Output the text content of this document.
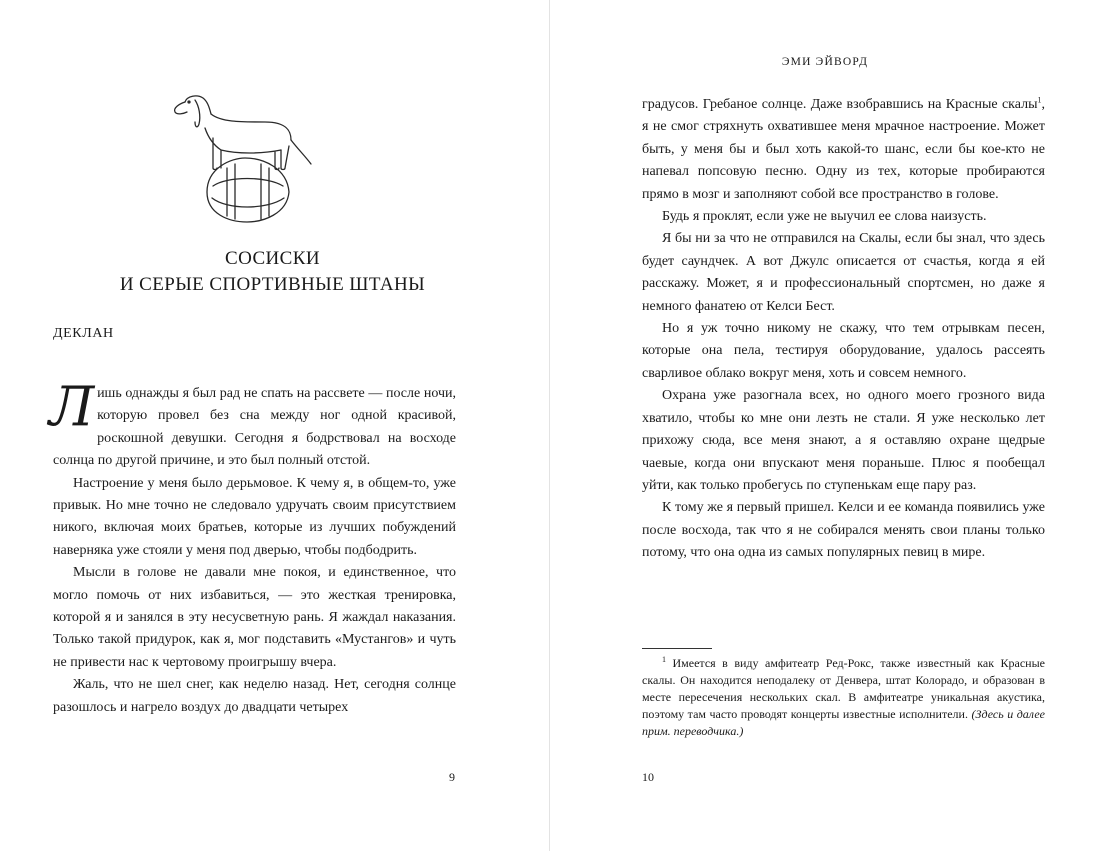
СОСИСКИ
И СЕРЫЕ СПОРТИВНЫЕ ШТАНЫ
ДЕКЛАН

Лишь однажды я был рад не спать на рассвете — после ночи, которую провел без сна между ног одной красивой, роскошной девушки. Сегодня я бодрствовал на восходе солнца по другой причине, и это был полный отстой.

Настроение у меня было дерьмовое. К чему я, в общем-то, уже привык. Но мне точно не следовало удручать своим присутствием никого, включая моих братьев, которые из лучших побуждений наверняка уже стояли у меня под дверью, чтобы подбодрить.

Мысли в голове не давали мне покоя, и единственное, что могло помочь от них избавиться, — это жесткая тренировка, которой я и занялся в эту несусветную рань. Я жаждал наказания. Только такой придурок, как я, мог подставить «Мустангов» и чуть не привести нас к чертовому проигрышу вчера.

Жаль, что не шел снег, как неделю назад. Нет, сегодня солнце разошлось и нагрело воздух до двадцати четырех

9
ЭМИ ЭЙВОРД

градусов. Гребаное солнце. Даже взобравшись на Красные скалы$^1$, я не смог стряхнуть охватившее меня мрачное настроение. Может быть, у меня бы и был хоть какой-то шанс, если бы кое-кто не напевал попсовую песню. Одну из тех, которые пробираются прямо в мозг и заполняют собой все пространство в голове.

Будь я проклят, если уже не выучил ее слова наизусть.

Я бы ни за что не отправился на Скалы, если бы знал, что здесь будет саундчек. А вот Джулс описается от счастья, когда я ей расскажу. Может, я и профессиональный спортсмен, но даже я немного фанатею от Келси Бест.

Но я уж точно никому не скажу, что тем отрывкам песен, которые она пела, тестируя оборудование, удалось рассеять сварливое облако вокруг меня, хоть и совсем немного.

Охрана уже разогнала всех, но одного моего грозного вида хватило, чтобы ко мне они лезть не стали. Я уже несколько лет прихожу сюда, все меня знают, а я оставляю охране щедрые чаевые, когда они впускают меня пораньше. Плюс я пообещал уйти, как только пробегусь по ступенькам еще пару раз.

К тому же я первый пришел. Келси и ее команда появились уже после восхода, так что я не собирался менять свои планы только потому, что она одна из самых популярных певиц в мире.

$^1$ Имеется в виду амфитеатр Ред-Рокс, также известный как Красные скалы. Он находится неподалеку от Денвера, штат Колорадо, и образован в месте пересечения нескольких скал. В амфитеатре уникальная акустика, поэтому там часто проводят концерты известные исполнители. (Здесь и далее прим. переводчика.)

10
